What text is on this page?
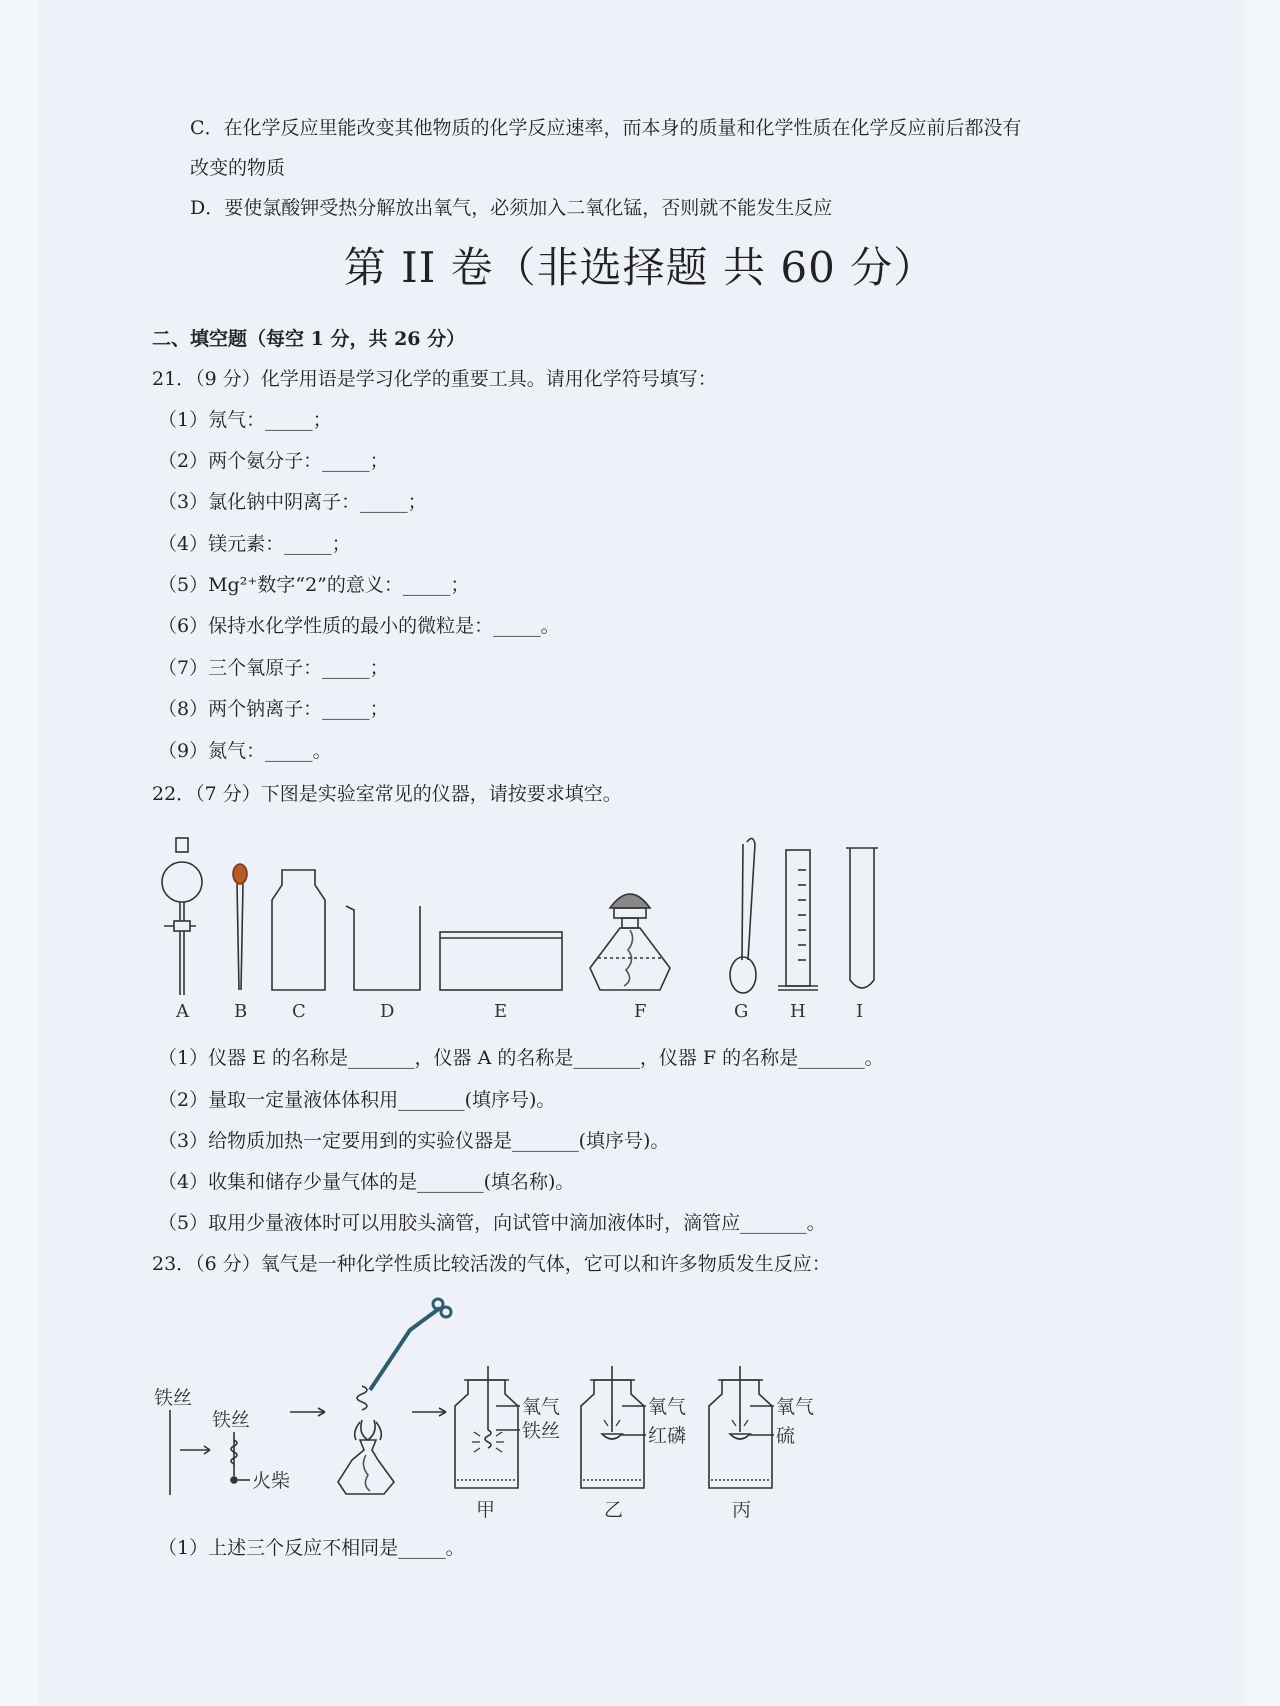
C．在化学反应里能改变其他物质的化学反应速率，而本身的质量和化学性质在化学反应前后都没有
改变的物质
D．要使氯酸钾受热分解放出氧气，必须加入二氧化锰，否则就不能发生反应
第 II 卷（非选择题 共 60 分）
二、填空题（每空 1 分，共 26 分）
21．（9 分）化学用语是学习化学的重要工具。请用化学符号填写：
（1）氖气：_____；
（2）两个氨分子：_____；
（3）氯化钠中阴离子：_____；
（4）镁元素：_____；
（5）Mg²⁺数字“2”的意义：_____；
（6）保持水化学性质的最小的微粒是：_____。
（7）三个氧原子：_____；
（8）两个钠离子：_____；
（9）氮气：_____。
22．（7 分）下图是实验室常见的仪器，请按要求填空。
A	B C	D	E	F	G H	I
（1）仪器 E 的名称是_______，仪器 A 的名称是_______，仪器 F 的名称是_______。
（2）量取一定量液体体积用_______(填序号)。
（3）给物质加热一定要用到的实验仪器是_______(填序号)。
（4）收集和储存少量气体的是_______(填名称)。
（5）取用少量液体时可以用胶头滴管，向试管中滴加液体时，滴管应_______。
23．（6 分）氧气是一种化学性质比较活泼的气体，它可以和许多物质发生反应：
铁丝
铁丝
火柴
氧气
铁丝
氧气
红磷
氧气
硫
甲	乙	丙
（1）上述三个反应不相同是_____。
